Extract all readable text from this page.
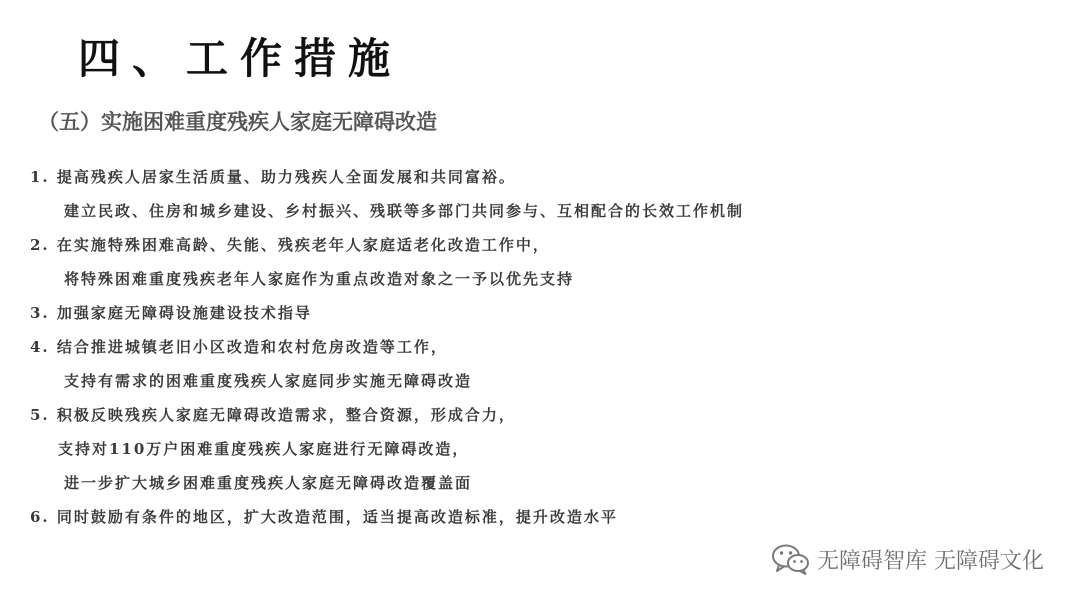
四、工作措施
（五）实施困难重度残疾人家庭无障碍改造
1. 提高残疾人居家生活质量、助力残疾人全面发展和共同富裕。
建立民政、住房和城乡建设、乡村振兴、残联等多部门共同参与、互相配合的长效工作机制
2. 在实施特殊困难高龄、失能、残疾老年人家庭适老化改造工作中，
将特殊困难重度残疾老年人家庭作为重点改造对象之一予以优先支持
3. 加强家庭无障碍设施建设技术指导
4. 结合推进城镇老旧小区改造和农村危房改造等工作，
支持有需求的困难重度残疾人家庭同步实施无障碍改造
5. 积极反映残疾人家庭无障碍改造需求，整合资源，形成合力，
支持对110万户困难重度残疾人家庭进行无障碍改造，
进一步扩大城乡困难重度残疾人家庭无障碍改造覆盖面
6. 同时鼓励有条件的地区，扩大改造范围，适当提高改造标准，提升改造水平
无障碍智库 无障碍文化
